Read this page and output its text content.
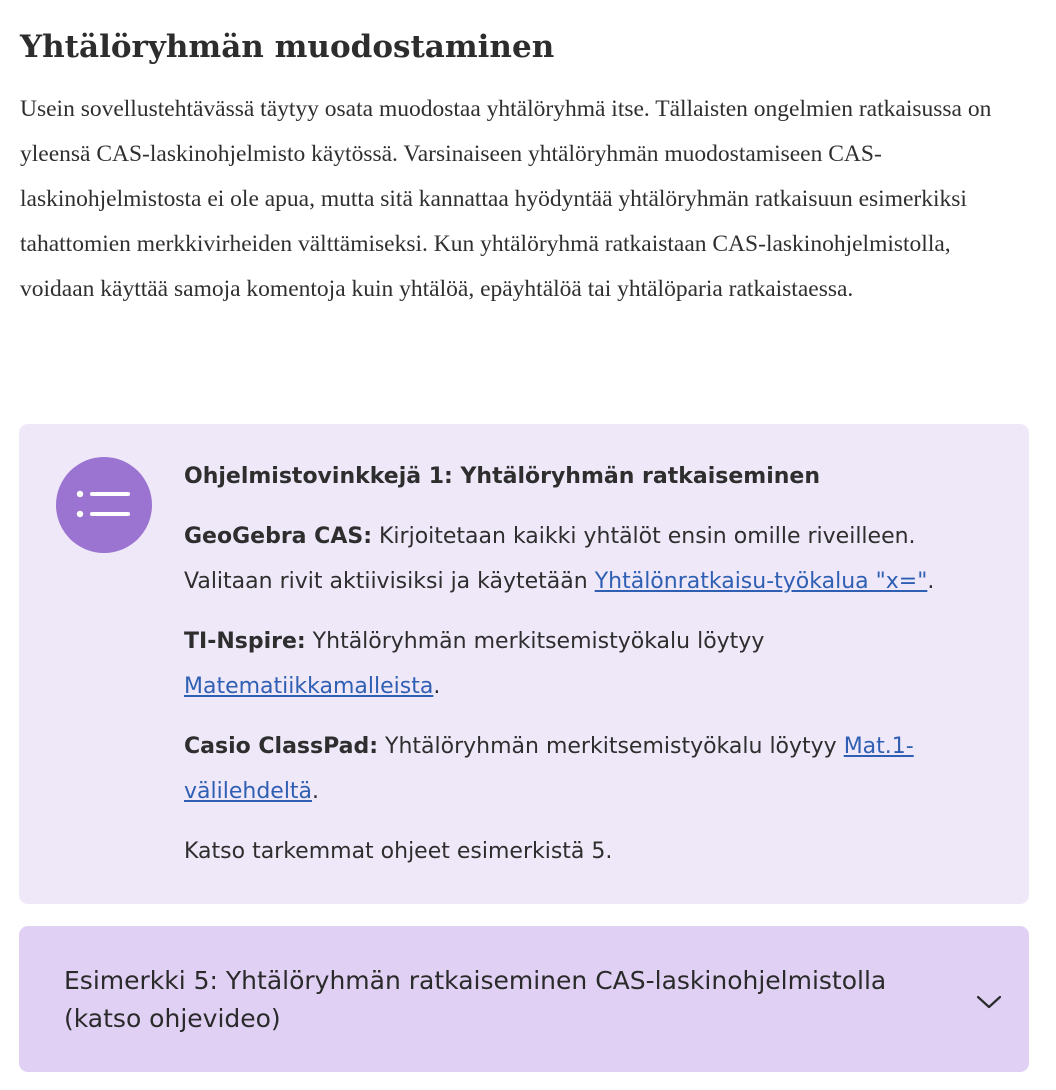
Yhtälöryhmän muodostaminen

Usein sovellustehtävässä täytyy osata muodostaa yhtälöryhmä itse. Tällaisten ongelmien ratkaisussa on yleensä CAS-laskinohjelmisto käytössä. Varsinaiseen yhtälöryhmän muodostamiseen CAS-laskinohjelmistosta ei ole apua, mutta sitä kannattaa hyödyntää yhtälöryhmän ratkaisuun esimerkiksi tahattomien merkkivirheiden välttämiseksi. Kun yhtälöryhmä ratkaistaan CAS-laskinohjelmistolla, voidaan käyttää samoja komentoja kuin yhtälöä, epäyhtälöä tai yhtälöparia ratkaistaessa.

Ohjelmistovinkkejä 1: Yhtälöryhmän ratkaiseminen

GeoGebra CAS: Kirjoitetaan kaikki yhtälöt ensin omille riveilleen. Valitaan rivit aktiivisiksi ja käytetään Yhtälönratkaisu-työkalua "x=".

TI-Nspire: Yhtälöryhmän merkitsemistyökalu löytyy
Matematiikkamalleista.

Casio ClassPad: Yhtälöryhmän merkitsemistyökalu löytyy Mat.1-välilehdeltä.

Katso tarkemmat ohjeet esimerkistä 5.

Esimerkki 5: Yhtälöryhmän ratkaiseminen CAS-laskinohjelmistolla (katso ohjevideo)
